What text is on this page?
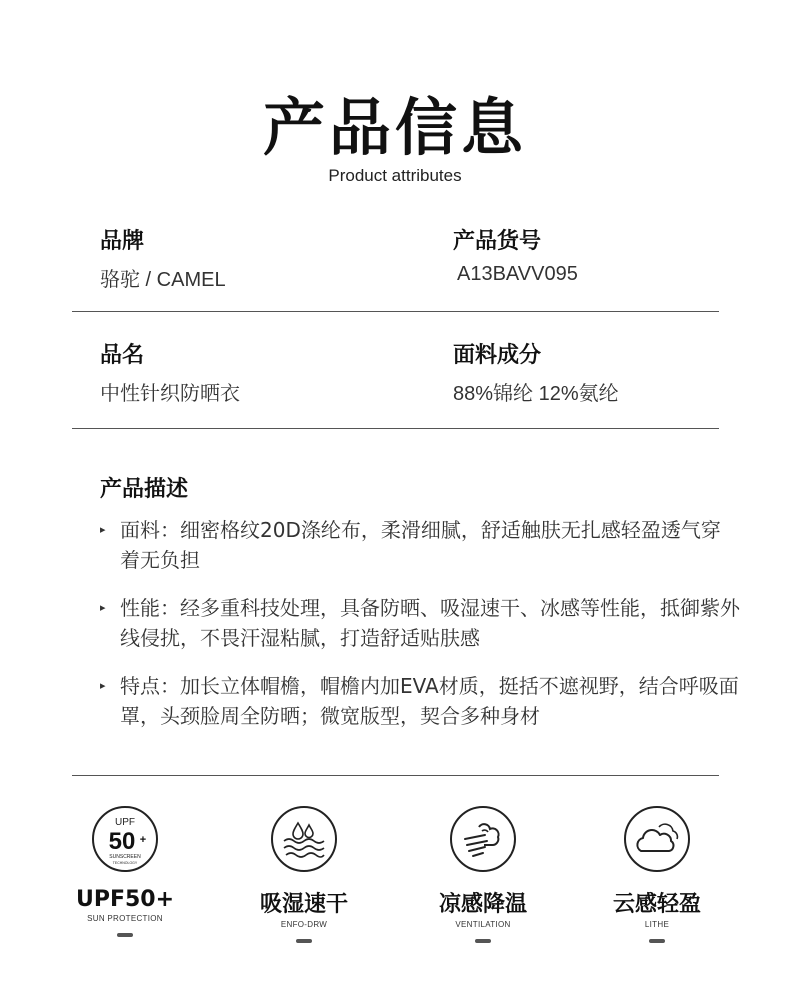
产品信息
Product attributes
品牌
骆驼 / CAMEL
产品货号
A13BAVV095
品名
中性针织防晒衣
面料成分
88%锦纶 12%氨纶
产品描述
▸ 面料：细密格纹20D涤纶布，柔滑细腻，舒适触肤无扎感轻盈透气穿着无负担
▸ 性能：经多重科技处理，具备防晒、吸湿速干、冰感等性能，抵御紫外线侵扰，不畏汗湿粘腻，打造舒适贴肤感
▸ 特点：加长立体帽檐，帽檐内加EVA材质，挺括不遮视野，结合呼吸面罩，头颈脸周全防晒；微宽版型，契合多种身材
UPF
50 +
SUNSCREEN
TECHNOLOGY
UPF50+
SUN PROTECTION
吸湿速干
ENFO-DRW
凉感降温
VENTILATION
云感轻盈
LITHE
